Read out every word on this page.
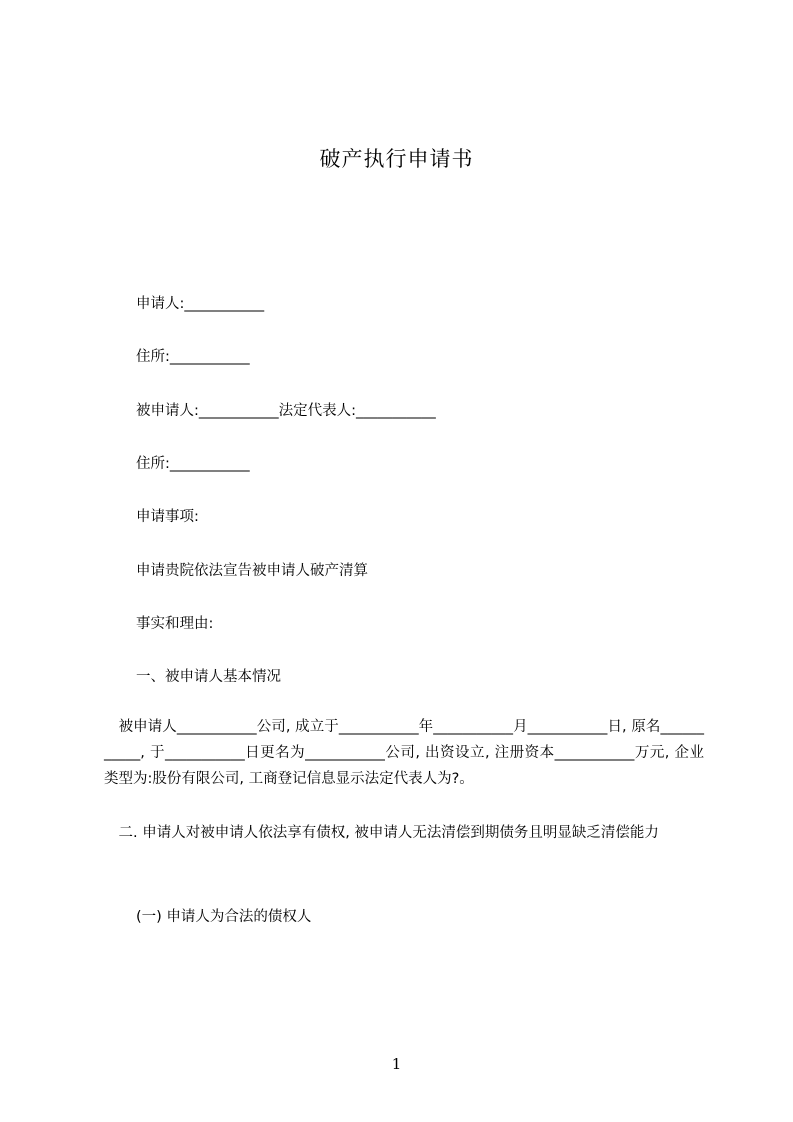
破产执行申请书
申请人:___________
住所:___________
被申请人:___________法定代表人:___________
住所:___________
申请事项:
申请贵院依法宣告被申请人破产清算
事实和理由:
一、被申请人基本情况
　被申请人___________公司, 成立于___________年___________月___________日, 原名___________, 于___________日更名为___________公司, 出资设立, 注册资本___________万元, 企业类型为:股份有限公司, 工商登记信息显示法定代表人为?。
　二. 申请人对被申请人依法享有债权, 被申请人无法清偿到期债务且明显缺乏清偿能力
(一) 申请人为合法的债权人
1
